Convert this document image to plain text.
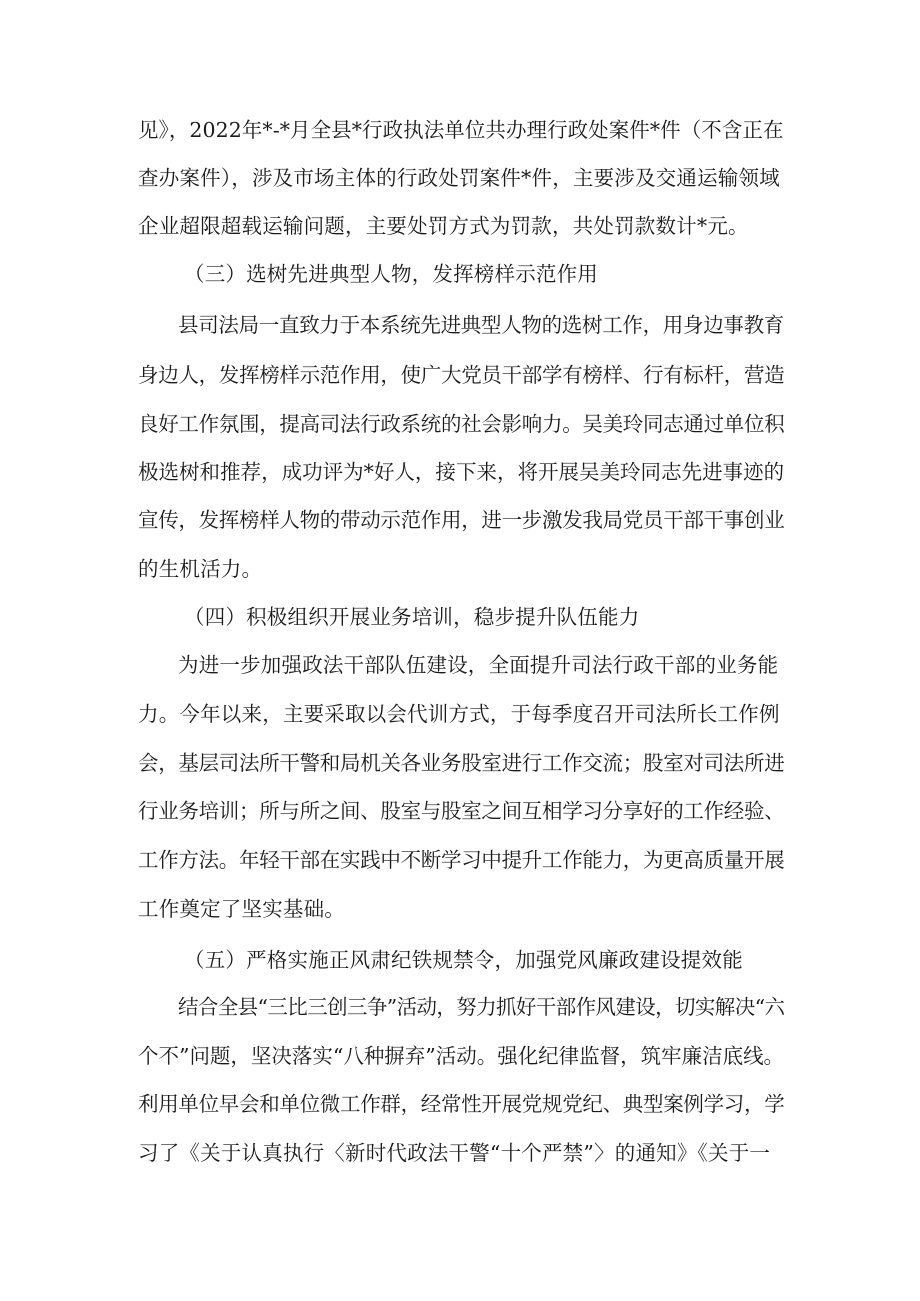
见》，2022年*-*月全县*行政执法单位共办理行政处案件*件（不含正在
查办案件），涉及市场主体的行政处罚案件*件，主要涉及交通运输领域
企业超限超载运输问题，主要处罚方式为罚款，共处罚款数计*元。
（三）选树先进典型人物，发挥榜样示范作用
县司法局一直致力于本系统先进典型人物的选树工作，用身边事教育
身边人，发挥榜样示范作用，使广大党员干部学有榜样、行有标杆，营造
良好工作氛围，提高司法行政系统的社会影响力。吴美玲同志通过单位积
极选树和推荐，成功评为*好人，接下来，将开展吴美玲同志先进事迹的
宣传，发挥榜样人物的带动示范作用，进一步激发我局党员干部干事创业
的生机活力。
（四）积极组织开展业务培训，稳步提升队伍能力
为进一步加强政法干部队伍建设，全面提升司法行政干部的业务能
力。今年以来，主要采取以会代训方式，于每季度召开司法所长工作例
会，基层司法所干警和局机关各业务股室进行工作交流；股室对司法所进
行业务培训；所与所之间、股室与股室之间互相学习分享好的工作经验、
工作方法。年轻干部在实践中不断学习中提升工作能力，为更高质量开展
工作奠定了坚实基础。
（五）严格实施正风肃纪铁规禁令，加强党风廉政建设提效能
结合全县“三比三创三争”活动，努力抓好干部作风建设，切实解决“六
个不”问题，坚决落实“八种摒弃”活动。强化纪律监督，筑牢廉洁底线。
利用单位早会和单位微工作群，经常性开展党规党纪、典型案例学习，学
习了《关于认真执行〈新时代政法干警“十个严禁”〉的通知》《关于一
